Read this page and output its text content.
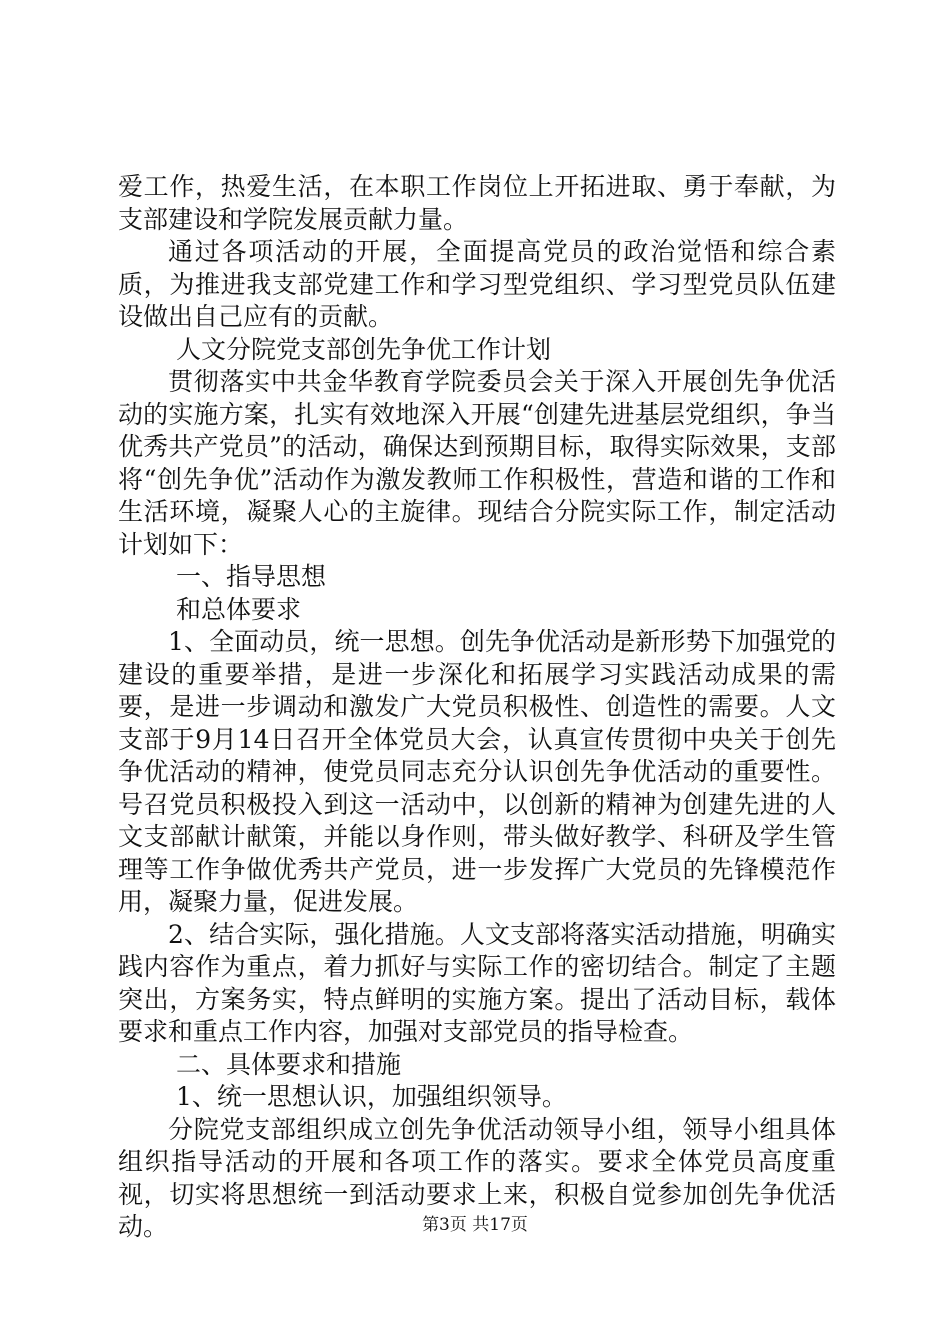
爱工作，热爱生活，在本职工作岗位上开拓进取、勇于奉献，为支部建设和学院发展贡献力量。

通过各项活动的开展，全面提高党员的政治觉悟和综合素质，为推进我支部党建工作和学习型党组织、学习型党员队伍建设做出自己应有的贡献。

人文分院党支部创先争优工作计划

贯彻落实中共金华教育学院委员会关于深入开展创先争优活动的实施方案，扎实有效地深入开展“创建先进基层党组织，争当优秀共产党员”的活动，确保达到预期目标，取得实际效果，支部将“创先争优”活动作为激发教师工作积极性，营造和谐的工作和生活环境，凝聚人心的主旋律。现结合分院实际工作，制定活动计划如下：

一、指导思想

和总体要求

1、全面动员，统一思想。创先争优活动是新形势下加强党的建设的重要举措，是进一步深化和拓展学习实践活动成果的需要，是进一步调动和激发广大党员积极性、创造性的需要。人文支部于9月14日召开全体党员大会，认真宣传贯彻中央关于创先争优活动的精神，使党员同志充分认识创先争优活动的重要性。号召党员积极投入到这一活动中，以创新的精神为创建先进的人文支部献计献策，并能以身作则，带头做好教学、科研及学生管理等工作争做优秀共产党员，进一步发挥广大党员的先锋模范作用，凝聚力量，促进发展。

2、结合实际，强化措施。人文支部将落实活动措施，明确实践内容作为重点，着力抓好与实际工作的密切结合。制定了主题突出，方案务实，特点鲜明的实施方案。提出了活动目标，载体要求和重点工作内容，加强对支部党员的指导检查。

二、具体要求和措施

1、统一思想认识，加强组织领导。

分院党支部组织成立创先争优活动领导小组，领导小组具体组织指导活动的开展和各项工作的落实。要求全体党员高度重视，切实将思想统一到活动要求上来，积极自觉参加创先争优活动。	第3页 共17页
